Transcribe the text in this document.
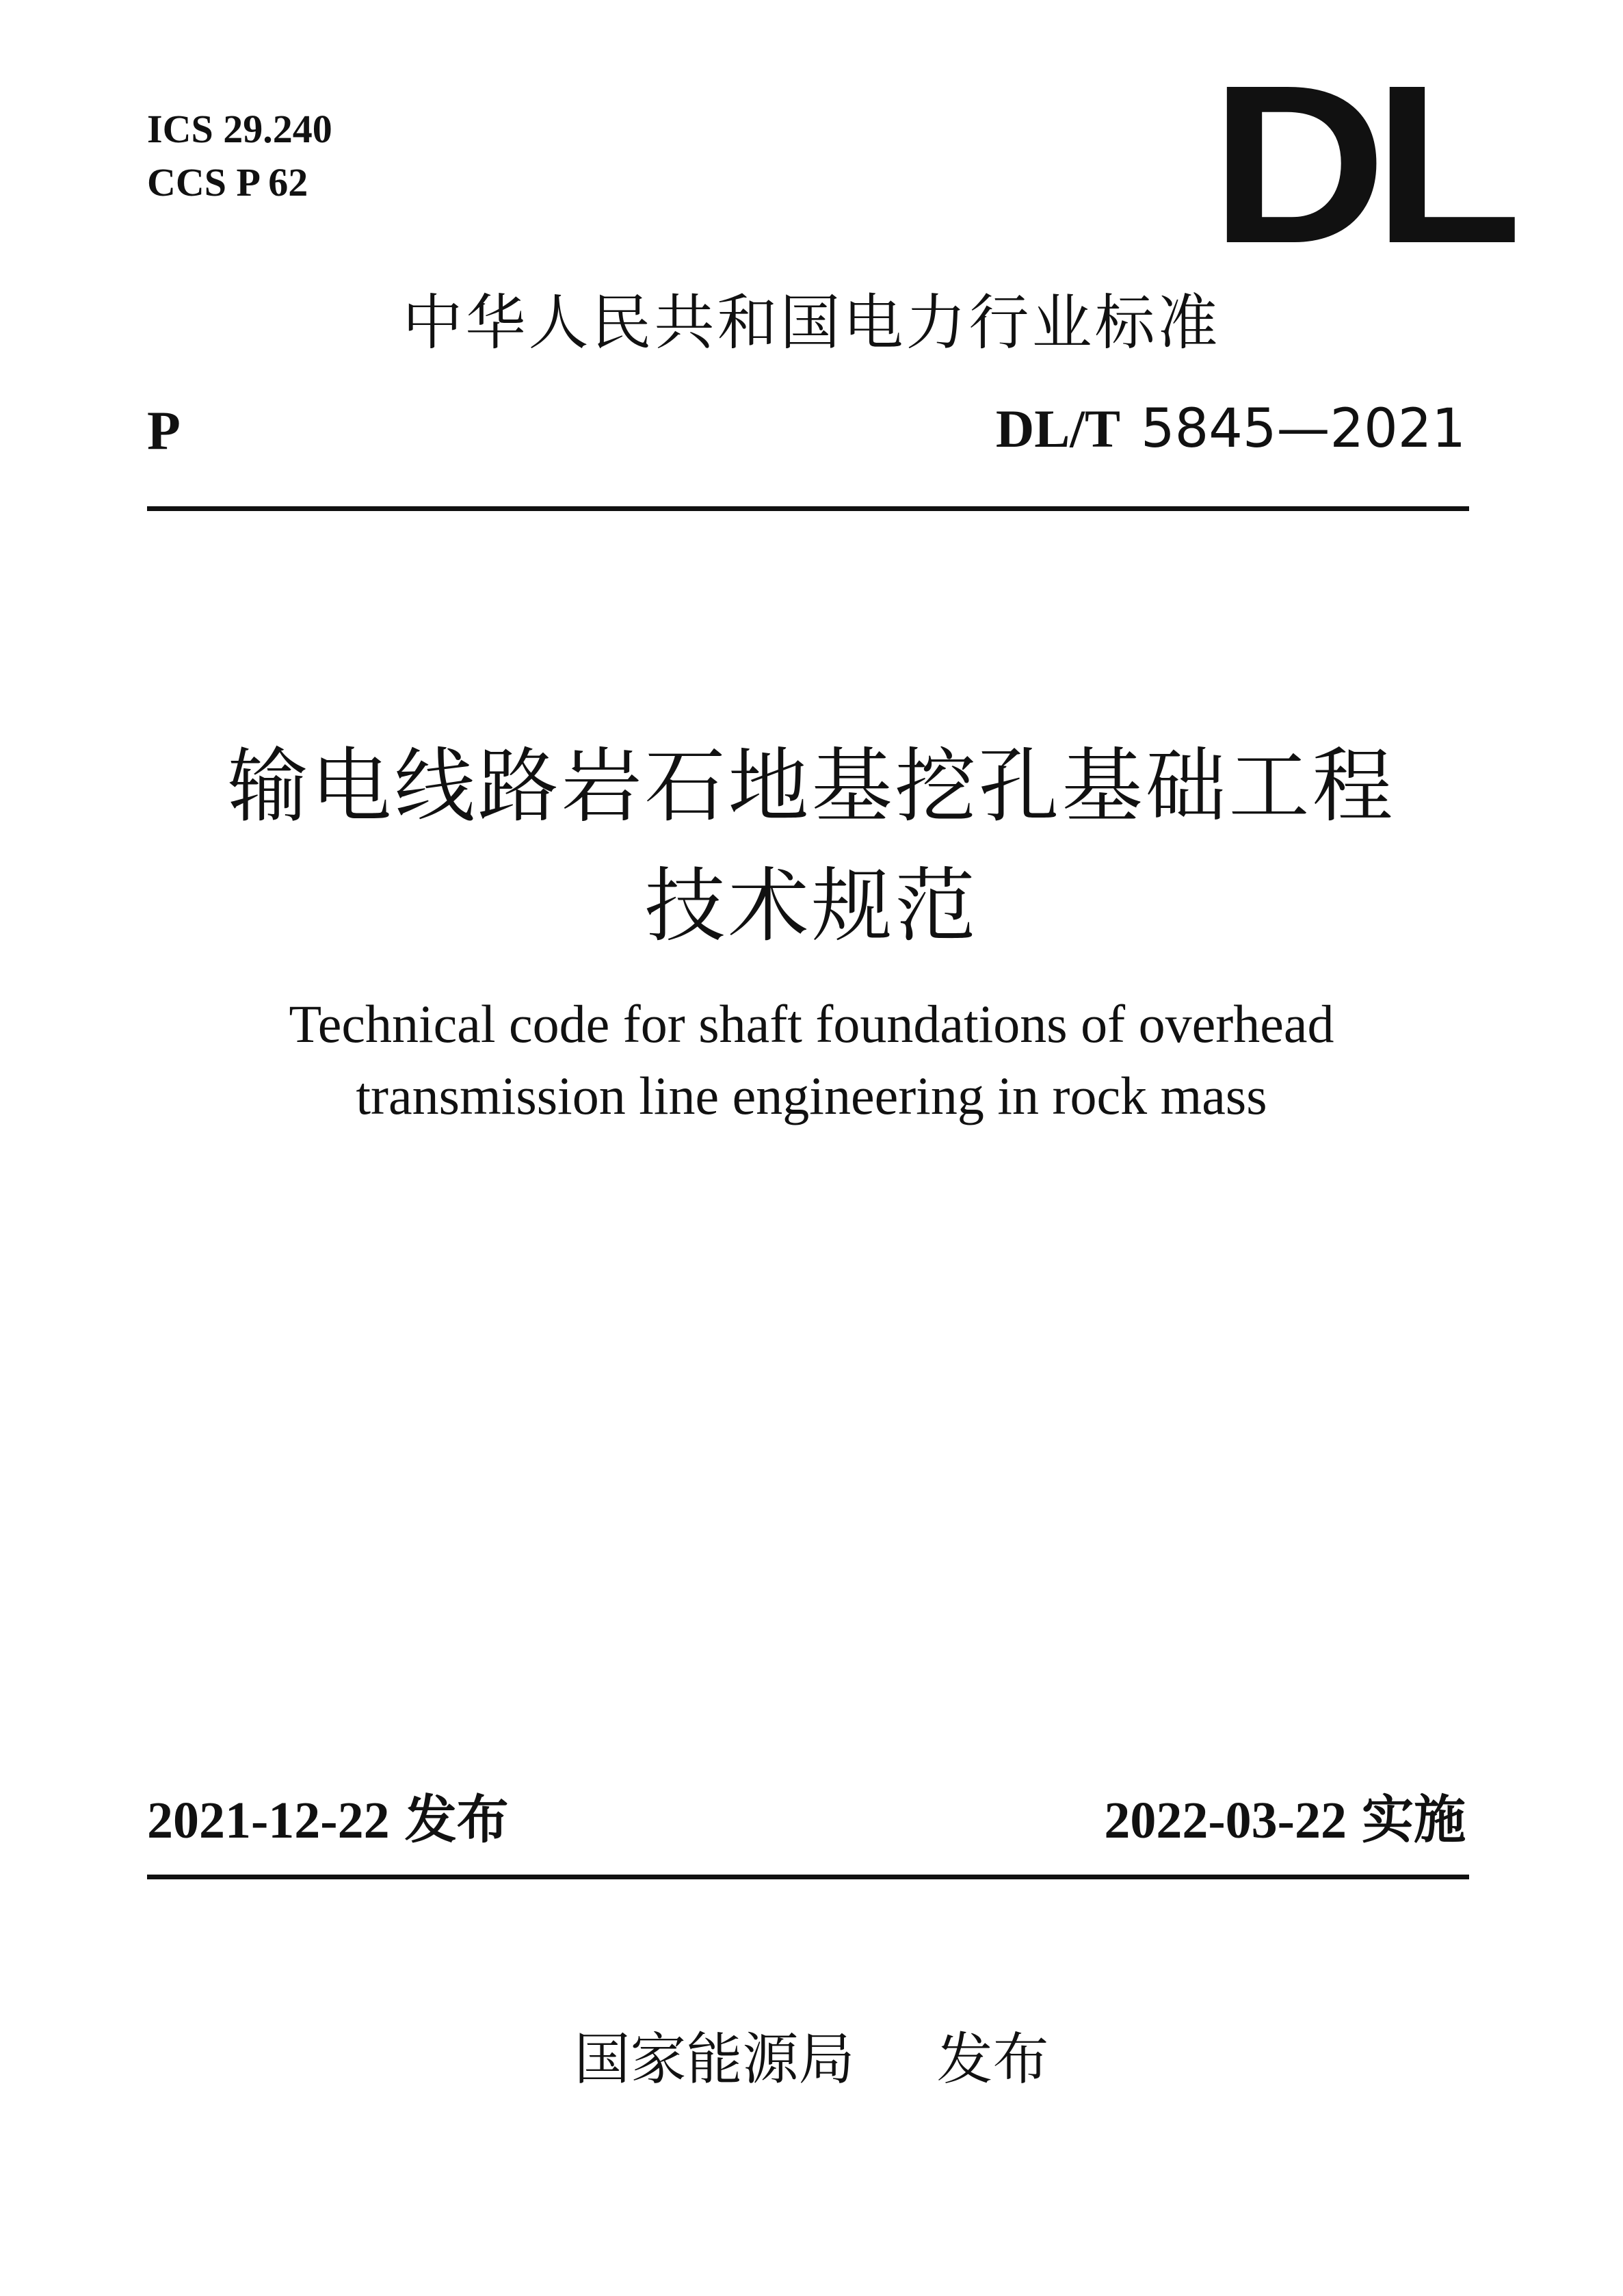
ICS 29.240
CCS P 62	DL
中华人民共和国电力行业标准
P	DL/T 5845—2021
输电线路岩石地基挖孔基础工程
技术规范
Technical code for shaft foundations of overhead
transmission line engineering in rock mass
2021-12-22 发布	2022-03-22 实施
国家能源局 发布
